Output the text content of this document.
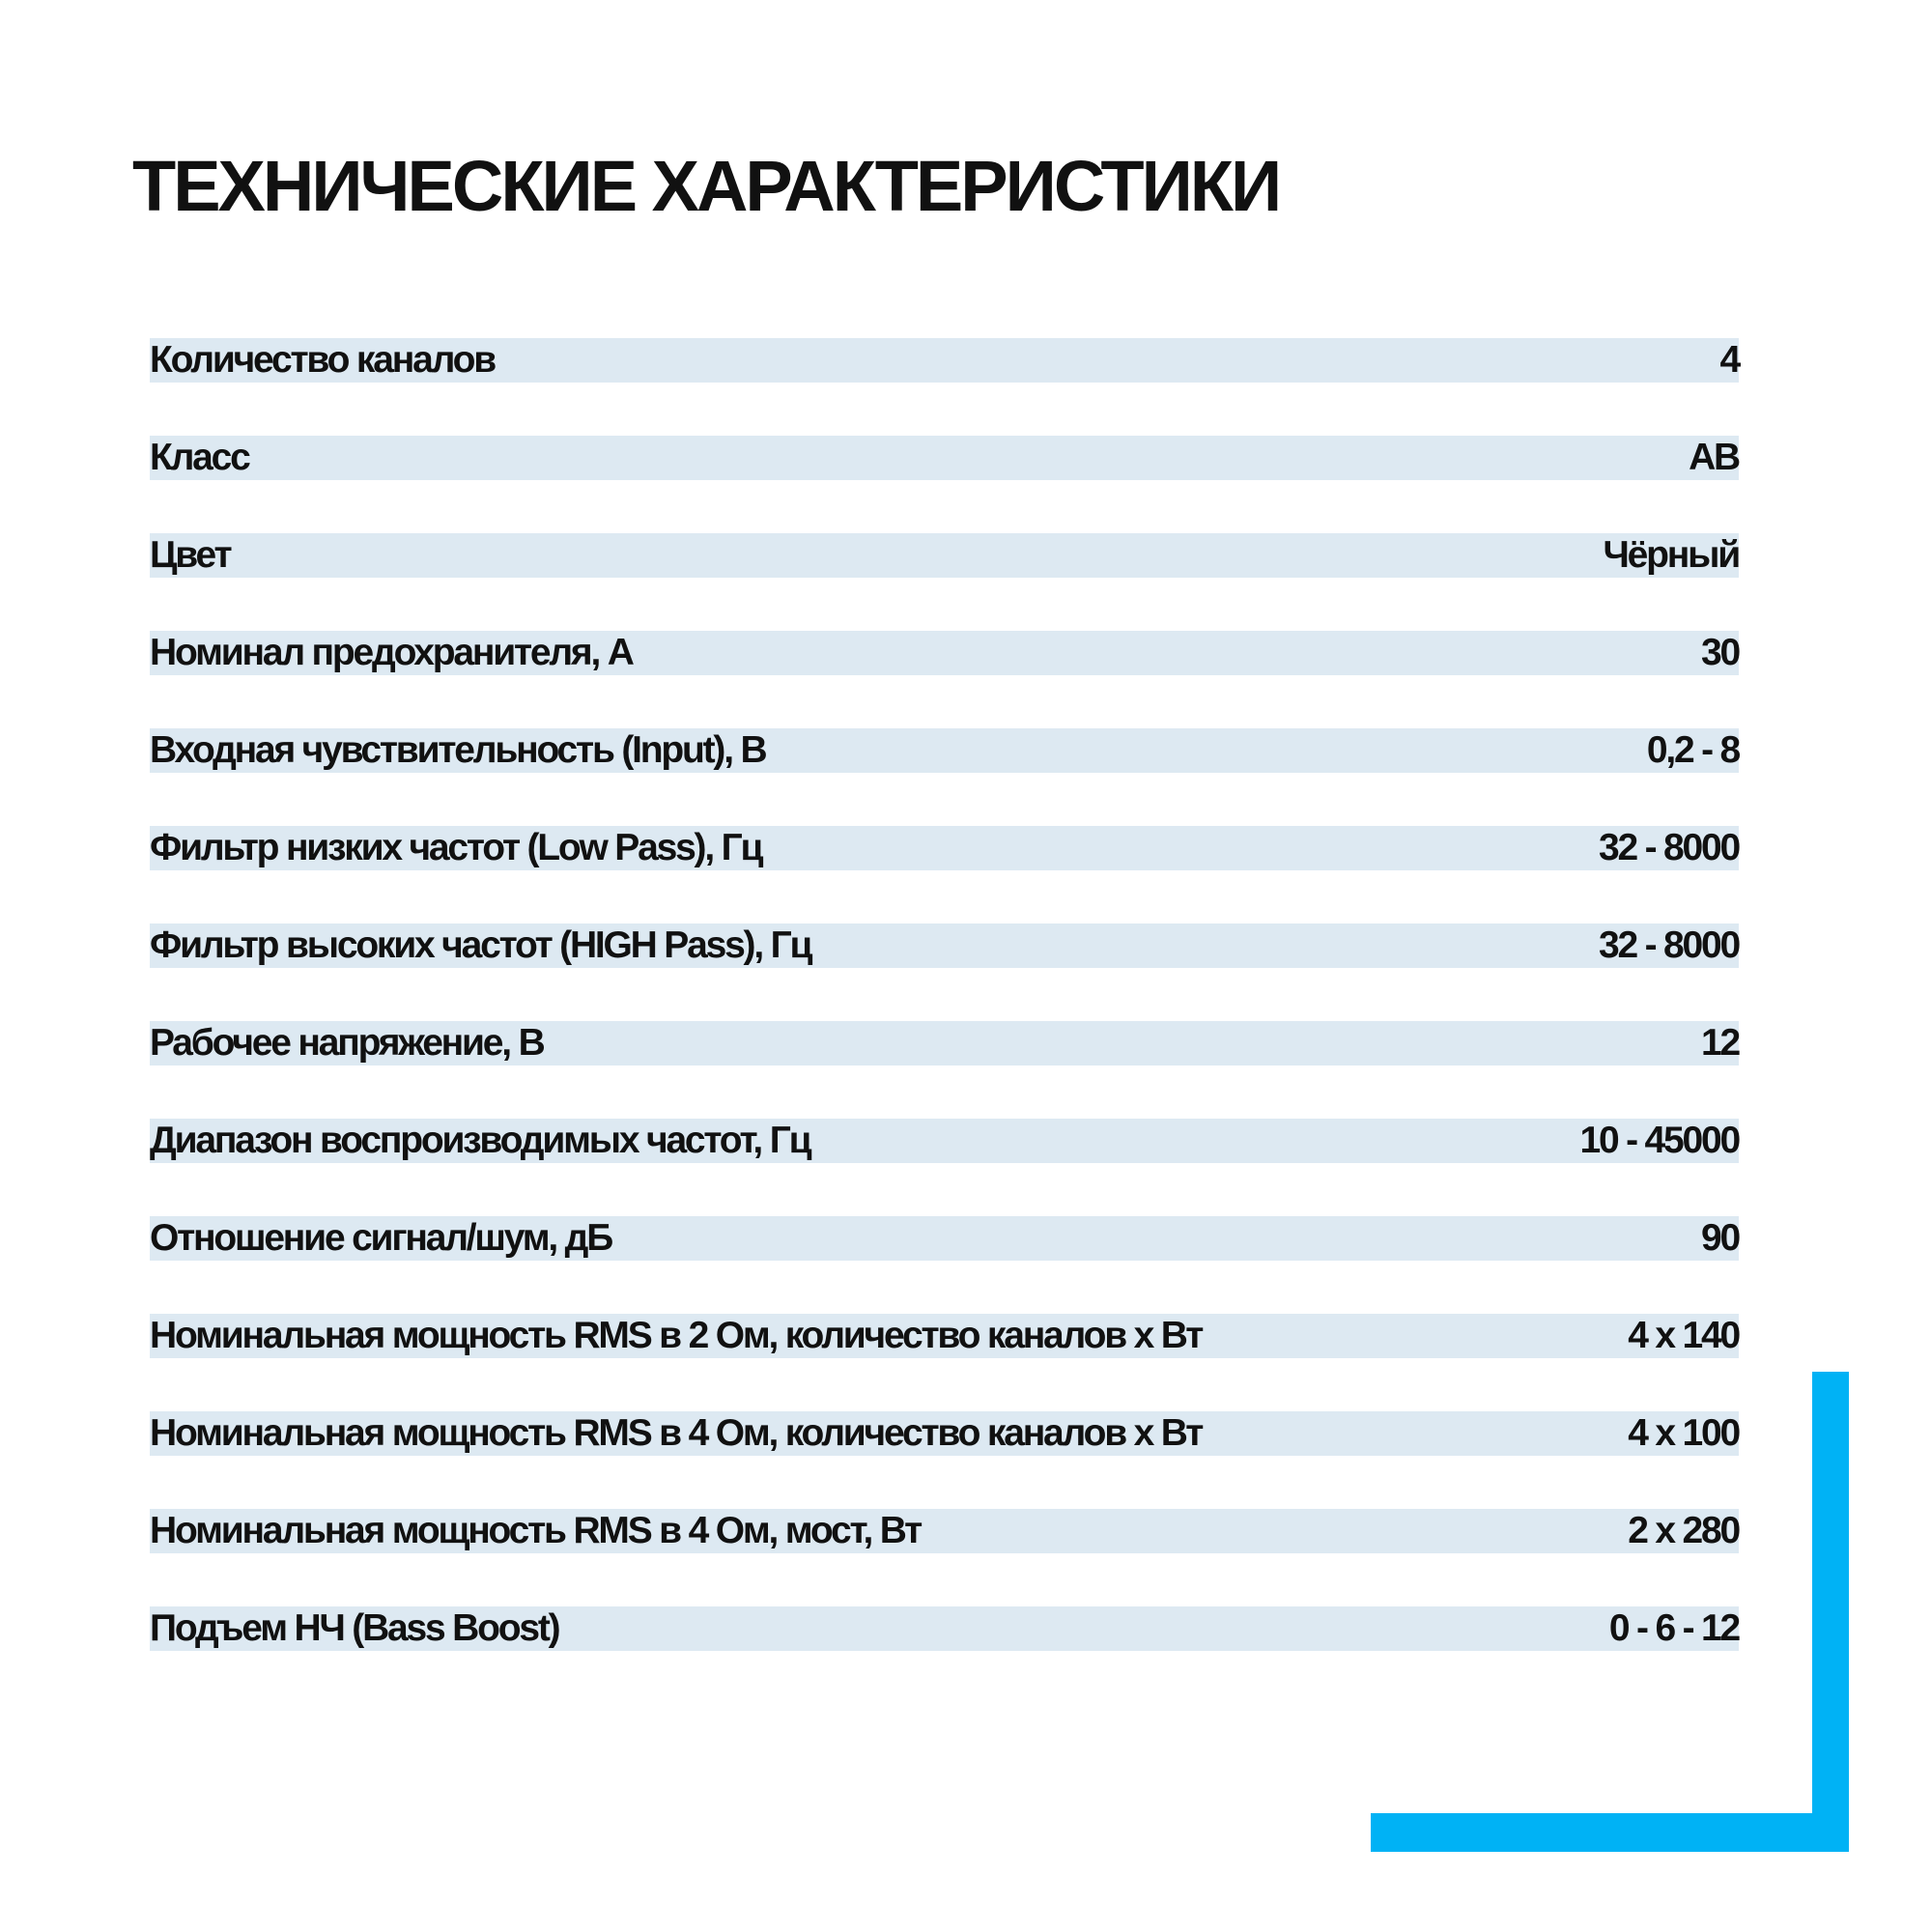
ТЕХНИЧЕСКИЕ ХАРАКТЕРИСТИКИ
Количество каналов	4
Класс	AB
Цвет	Чёрный
Номинал предохранителя, А	30
Входная чувствительность (Input), В	0,2 - 8
Фильтр низких частот (Low Pass), Гц	32 - 8000
Фильтр высоких частот (HIGH Pass), Гц	32 - 8000
Рабочее напряжение, В	12
Диапазон воспроизводимых частот, Гц	10 - 45000
Отношение сигнал/шум, дБ	90
Номинальная мощность RMS в 2 Ом, количество каналов х Вт	4 x 140
Номинальная мощность RMS в 4 Ом, количество каналов х Вт	4 x 100
Номинальная мощность RMS в 4 Ом, мост, Вт	2 x 280
Подъем НЧ (Bass Boost)	0 - 6 - 12
